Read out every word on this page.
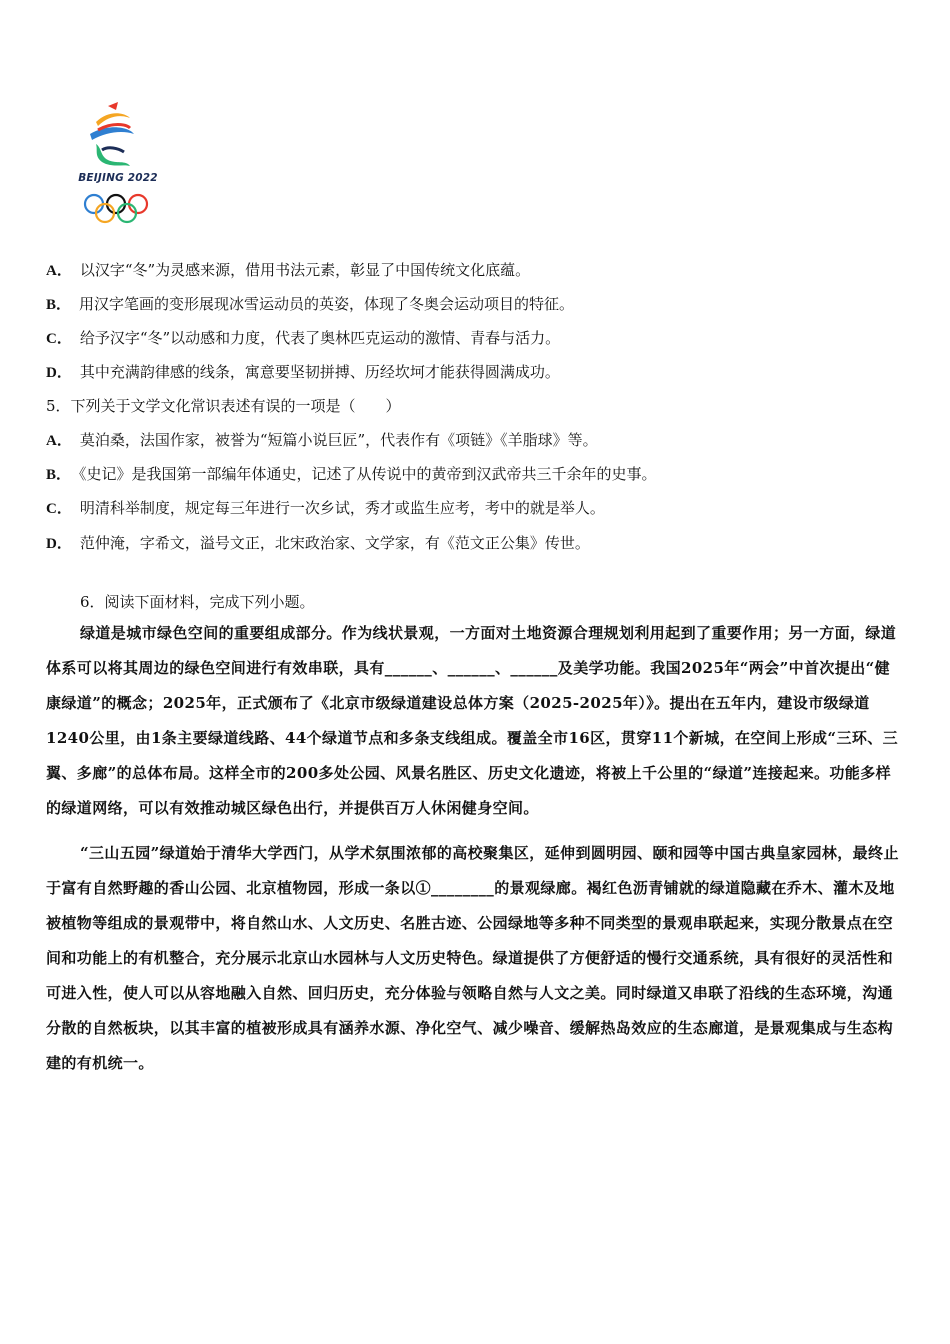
BEIJING 2022
A． 以汉字“冬”为灵感来源，借用书法元素，彰显了中国传统文化底蕴。
B． 用汉字笔画的变形展现冰雪运动员的英姿，体现了冬奥会运动项目的特征。
C． 给予汉字“冬”以动感和力度，代表了奥林匹克运动的激情、青春与活力。
D． 其中充满韵律感的线条，寓意要坚韧拼搏、历经坎坷才能获得圆满成功。
5．下列关于文学文化常识表述有误的一项是（　　）
A． 莫泊桑，法国作家，被誉为“短篇小说巨匠”，代表作有《项链》《羊脂球》等。
B． 《史记》是我国第一部编年体通史，记述了从传说中的黄帝到汉武帝共三千余年的史事。
C． 明清科举制度，规定每三年进行一次乡试，秀才或监生应考，考中的就是举人。
D． 范仲淹，字希文，溢号文正，北宋政治家、文学家，有《范文正公集》传世。
6．阅读下面材料，完成下列小题。
绿道是城市绿色空间的重要组成部分。作为线状景观，一方面对土地资源合理规划利用起到了重要作用；另一方面，绿道体系可以将其周边的绿色空间进行有效串联，具有______、______、______及美学功能。我国2025年“两会”中首次提出“健康绿道”的概念；2025年，正式颁布了《北京市级绿道建设总体方案（2025-2025年）》。提出在五年内，建设市级绿道1240公里，由1条主要绿道线路、44个绿道节点和多条支线组成。覆盖全市16区，贯穿11个新城，在空间上形成“三环、三翼、多廊”的总体布局。这样全市的200多处公园、风景名胜区、历史文化遗迹，将被上千公里的“绿道”连接起来。功能多样的绿道网络，可以有效推动城区绿色出行，并提供百万人休闲健身空间。
“三山五园”绿道始于清华大学西门，从学术氛围浓郁的高校聚集区，延伸到圆明园、颐和园等中国古典皇家园林，最终止于富有自然野趣的香山公园、北京植物园，形成一条以①________的景观绿廊。褐红色沥青铺就的绿道隐藏在乔木、灌木及地被植物等组成的景观带中，将自然山水、人文历史、名胜古迹、公园绿地等多种不同类型的景观串联起来，实现分散景点在空间和功能上的有机整合，充分展示北京山水园林与人文历史特色。绿道提供了方便舒适的慢行交通系统，具有很好的灵活性和可进入性，使人可以从容地融入自然、回归历史，充分体验与领略自然与人文之美。同时绿道又串联了沿线的生态环境，沟通分散的自然板块，以其丰富的植被形成具有涵养水源、净化空气、减少噪音、缓解热岛效应的生态廊道，是景观集成与生态构建的有机统一。
